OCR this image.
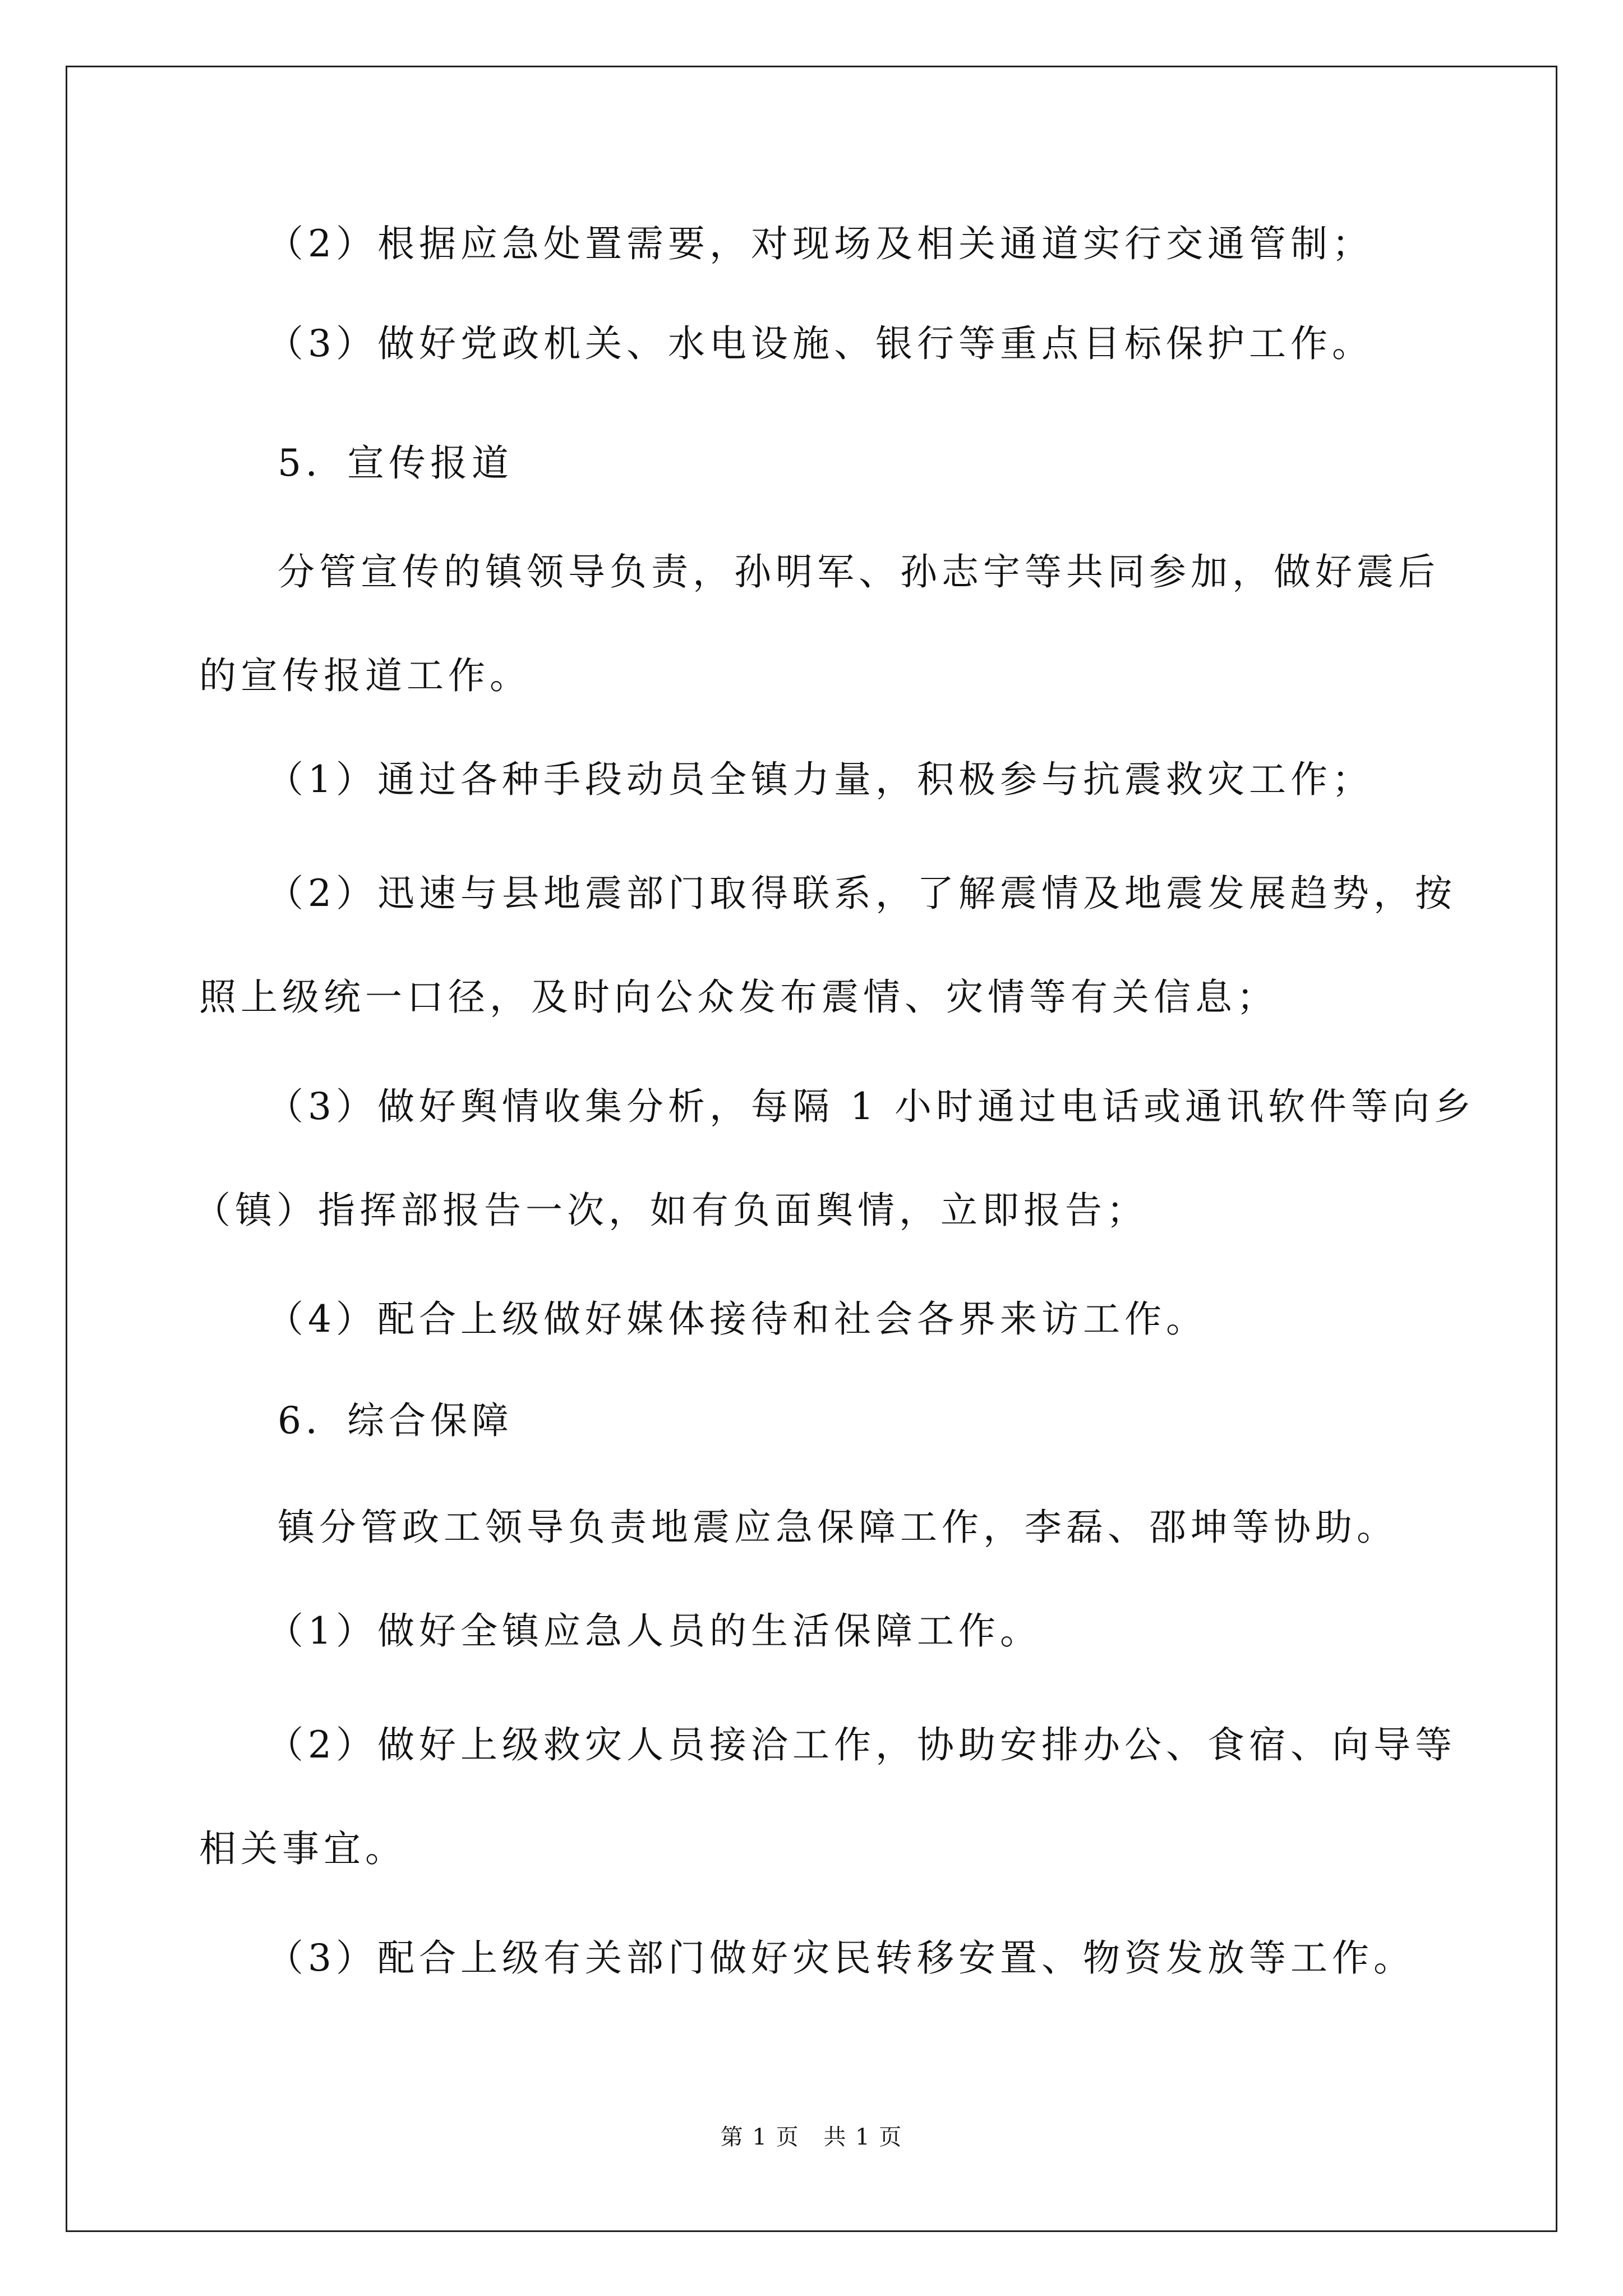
（2）根据应急处置需要，对现场及相关通道实行交通管制；
（3）做好党政机关、水电设施、银行等重点目标保护工作。
5．宣传报道
分管宣传的镇领导负责，孙明军、孙志宇等共同参加，做好震后
的宣传报道工作。
（1）通过各种手段动员全镇力量，积极参与抗震救灾工作；
（2）迅速与县地震部门取得联系，了解震情及地震发展趋势，按
照上级统一口径，及时向公众发布震情、灾情等有关信息；
（3）做好舆情收集分析，每隔 1 小时通过电话或通讯软件等向乡
（镇）指挥部报告一次，如有负面舆情，立即报告；
（4）配合上级做好媒体接待和社会各界来访工作。
6．综合保障
镇分管政工领导负责地震应急保障工作，李磊、邵坤等协助。
（1）做好全镇应急人员的生活保障工作。
（2）做好上级救灾人员接洽工作，协助安排办公、食宿、向导等
相关事宜。
（3）配合上级有关部门做好灾民转移安置、物资发放等工作。
第 1 页 共 1 页
